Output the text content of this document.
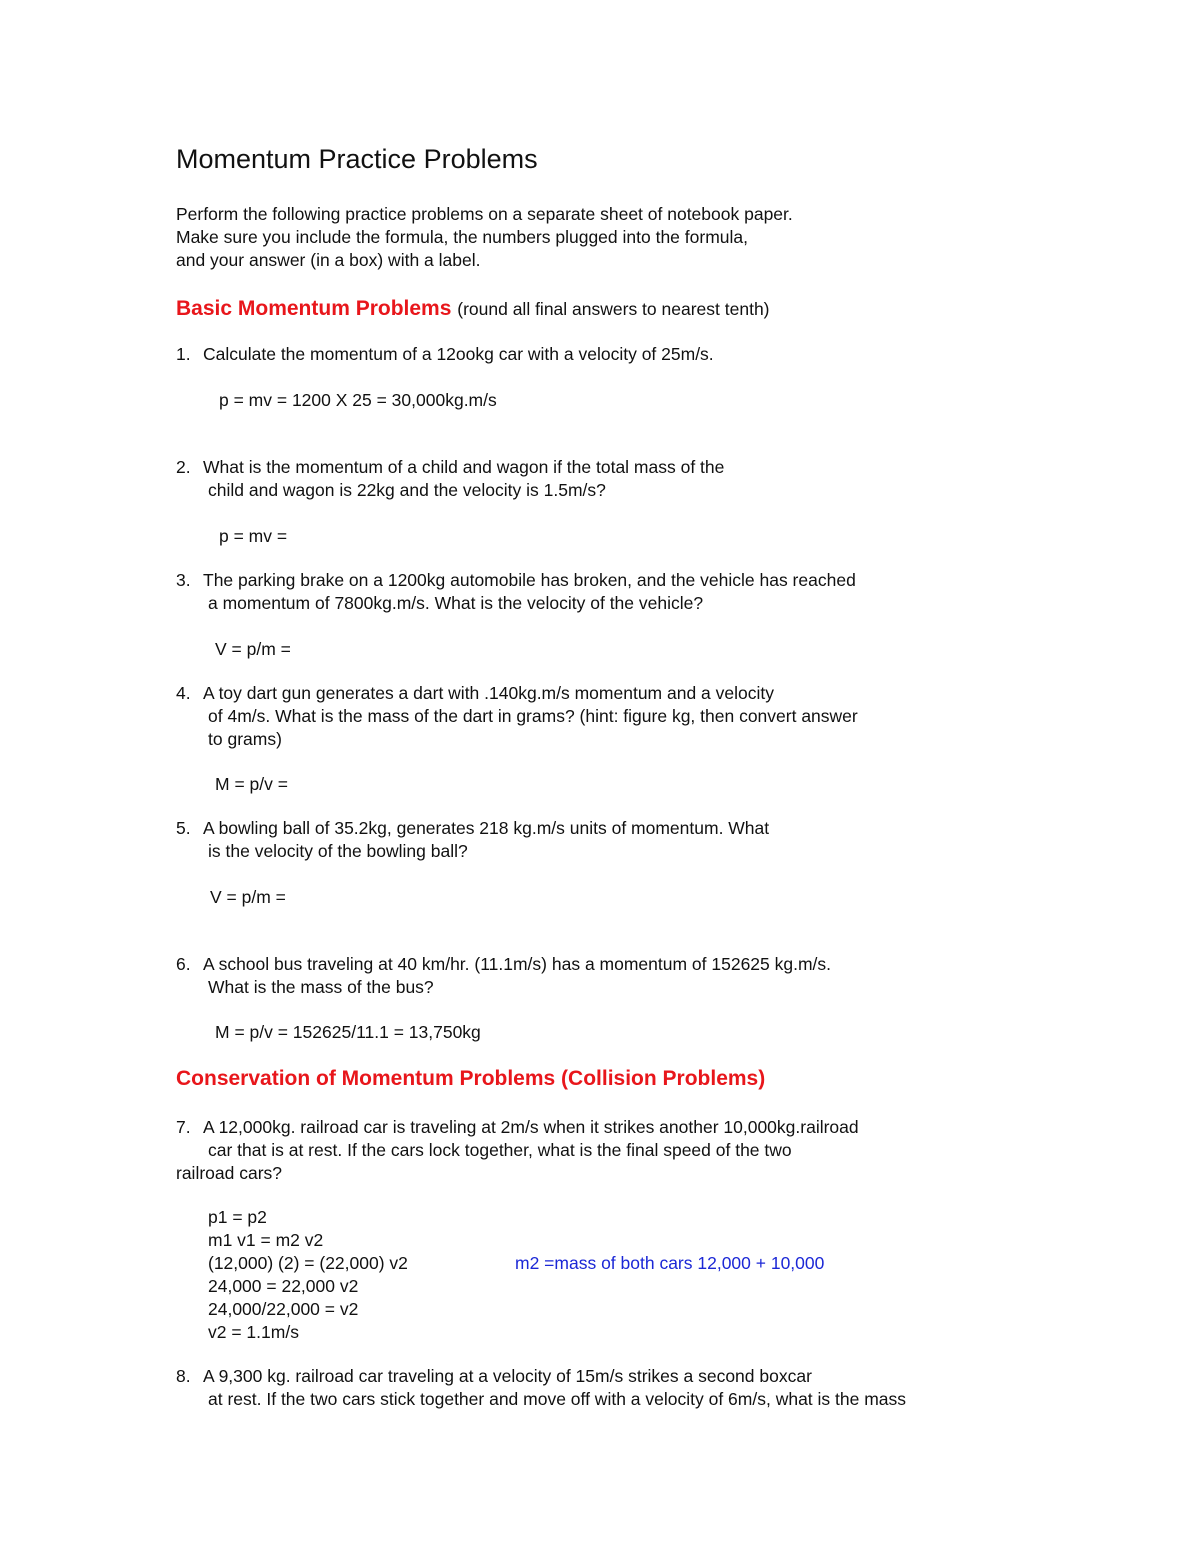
Momentum Practice Problems
Perform the following practice problems on a separate sheet of notebook paper.
Make sure you include the formula, the numbers plugged into the formula,
and your answer (in a box) with a label.
Basic Momentum Problems (round all final answers to nearest tenth)
1. Calculate the momentum of a 12ookg car with a velocity of 25m/s.
p = mv = 1200 X 25 = 30,000kg.m/s
2. What is the momentum of a child and wagon if the total mass of the
child and wagon is 22kg and the velocity is 1.5m/s?
p = mv =
3. The parking brake on a 1200kg automobile has broken, and the vehicle has reached
a momentum of 7800kg.m/s. What is the velocity of the vehicle?
V = p/m =
4. A toy dart gun generates a dart with .140kg.m/s momentum and a velocity
of 4m/s. What is the mass of the dart in grams? (hint: figure kg, then convert answer
to grams)
M = p/v =
5. A bowling ball of 35.2kg, generates 218 kg.m/s units of momentum. What
is the velocity of the bowling ball?
V = p/m =
6. A school bus traveling at 40 km/hr. (11.1m/s) has a momentum of 152625 kg.m/s.
What is the mass of the bus?
M = p/v = 152625/11.1 = 13,750kg
Conservation of Momentum Problems (Collision Problems)
7. A 12,000kg. railroad car is traveling at 2m/s when it strikes another 10,000kg.railroad
car that is at rest. If the cars lock together, what is the final speed of the two
railroad cars?
p1 = p2
m1 v1 = m2 v2
(12,000) (2) = (22,000) v2	m2 =mass of both cars 12,000 + 10,000
24,000 = 22,000 v2
24,000/22,000 = v2
v2 = 1.1m/s
8. A 9,300 kg. railroad car traveling at a velocity of 15m/s strikes a second boxcar
at rest. If the two cars stick together and move off with a velocity of 6m/s, what is the mass
